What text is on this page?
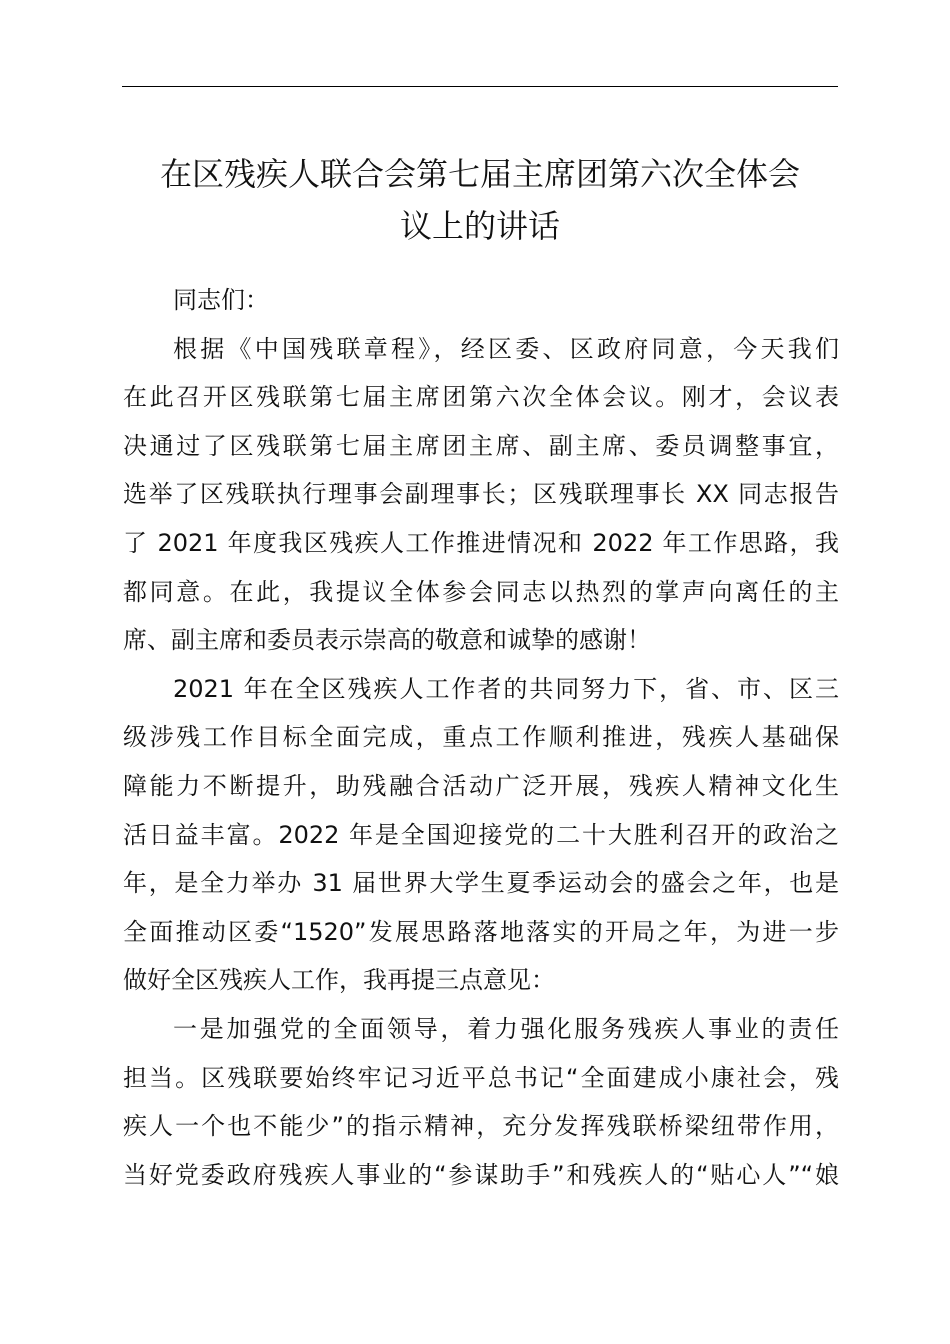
在区残疾人联合会第七届主席团第六次全体会
议上的讲话
同志们：
根据《中国残联章程》，经区委、区政府同意，今天我们
在此召开区残联第七届主席团第六次全体会议。刚才，会议表
决通过了区残联第七届主席团主席、副主席、委员调整事宜，
选举了区残联执行理事会副理事长；区残联理事长 XX 同志报告
了 2021 年度我区残疾人工作推进情况和 2022 年工作思路，我
都同意。在此，我提议全体参会同志以热烈的掌声向离任的主
席、副主席和委员表示崇高的敬意和诚挚的感谢！
2021 年在全区残疾人工作者的共同努力下，省、市、区三
级涉残工作目标全面完成，重点工作顺利推进，残疾人基础保
障能力不断提升，助残融合活动广泛开展，残疾人精神文化生
活日益丰富。2022 年是全国迎接党的二十大胜利召开的政治之
年，是全力举办 31 届世界大学生夏季运动会的盛会之年，也是
全面推动区委“1520”发展思路落地落实的开局之年，为进一步
做好全区残疾人工作，我再提三点意见：
一是加强党的全面领导，着力强化服务残疾人事业的责任
担当。区残联要始终牢记习近平总书记“全面建成小康社会，残
疾人一个也不能少”的指示精神，充分发挥残联桥梁纽带作用，
当好党委政府残疾人事业的“参谋助手”和残疾人的“贴心人”“娘
